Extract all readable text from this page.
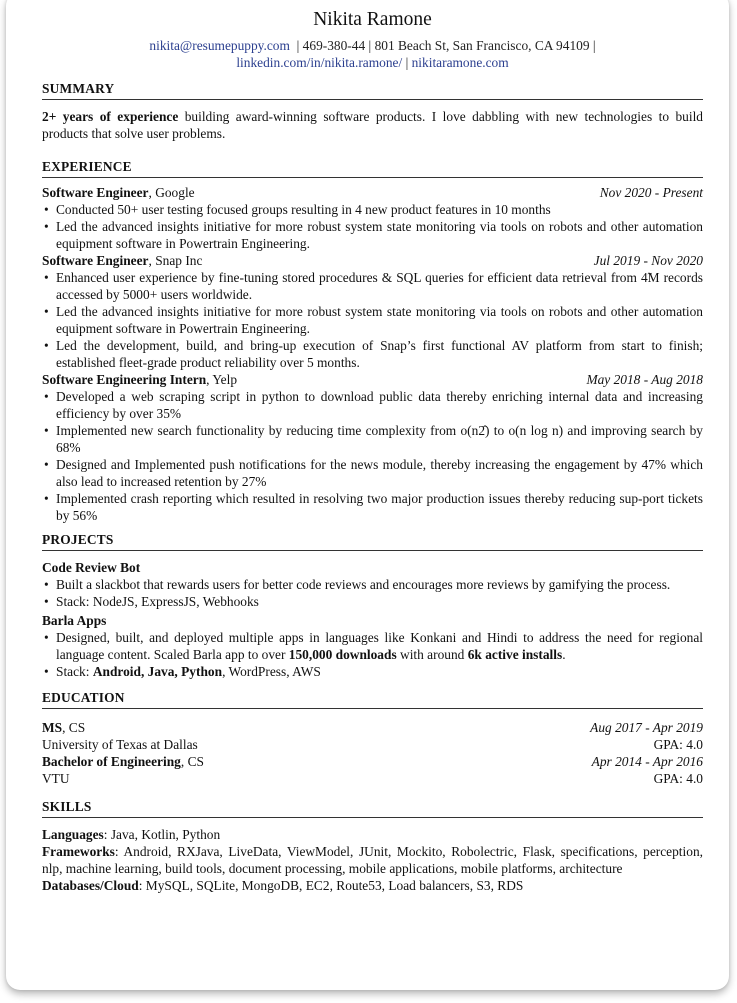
Nikita Ramone
nikita@resumepuppy.com | 469-380-44 | 801 Beach St, San Francisco, CA 94109 |
linkedin.com/in/nikita.ramone/ | nikitaramone.com
SUMMARY
2+ years of experience building award-winning software products. I love dabbling with new technologies to build products that solve user problems.
EXPERIENCE
Software Engineer, Google	Nov 2020 - Present
• Conducted 50+ user testing focused groups resulting in 4 new product features in 10 months
• Led the advanced insights initiative for more robust system state monitoring via tools on robots and other automation equipment software in Powertrain Engineering.
Software Engineer, Snap Inc	Jul 2019 - Nov 2020
• Enhanced user experience by fine-tuning stored procedures & SQL queries for efficient data retrieval from 4̃M records accessed by 5000+ users worldwide.
• Led the advanced insights initiative for more robust system state monitoring via tools on robots and other automation equipment software in Powertrain Engineering.
• Led the development, build, and bring-up execution of Snap’s first functional AV platform from start to finish; established fleet-grade product reliability over 5 months.
Software Engineering Intern, Yelp	May 2018 - Aug 2018
• Developed a web scraping script in python to download public data thereby enriching internal data and increasing efficiency by over 35%
• Implemented new search functionality by reducing time complexity from o(n2̂) to o(n log n) and improving search by 68%
• Designed and Implemented push notifications for the news module, thereby increasing the engagement by 47% which also lead to increased retention by 27%
• Implemented crash reporting which resulted in resolving two major production issues thereby reducing sup-port tickets by 56%
PROJECTS
Code Review Bot
• Built a slackbot that rewards users for better code reviews and encourages more reviews by gamifying the process.
• Stack: NodeJS, ExpressJS, Webhooks
Barla Apps
• Designed, built, and deployed multiple apps in languages like Konkani and Hindi to address the need for regional language content. Scaled Barla app to over 150,000 downloads with around 6k active installs.
• Stack: Android, Java, Python, WordPress, AWS
EDUCATION
MS, CS	Aug 2017 - Apr 2019
University of Texas at Dallas	GPA: 4.0
Bachelor of Engineering, CS	Apr 2014 - Apr 2016
VTU	GPA: 4.0
SKILLS
Languages: Java, Kotlin, Python
Frameworks: Android, RXJava, LiveData, ViewModel, JUnit, Mockito, Robolectric, Flask, specifications, perception, nlp, machine learning, build tools, document processing, mobile applications, mobile platforms, architecture
Databases/Cloud: MySQL, SQLite, MongoDB, EC2, Route53, Load balancers, S3, RDS
